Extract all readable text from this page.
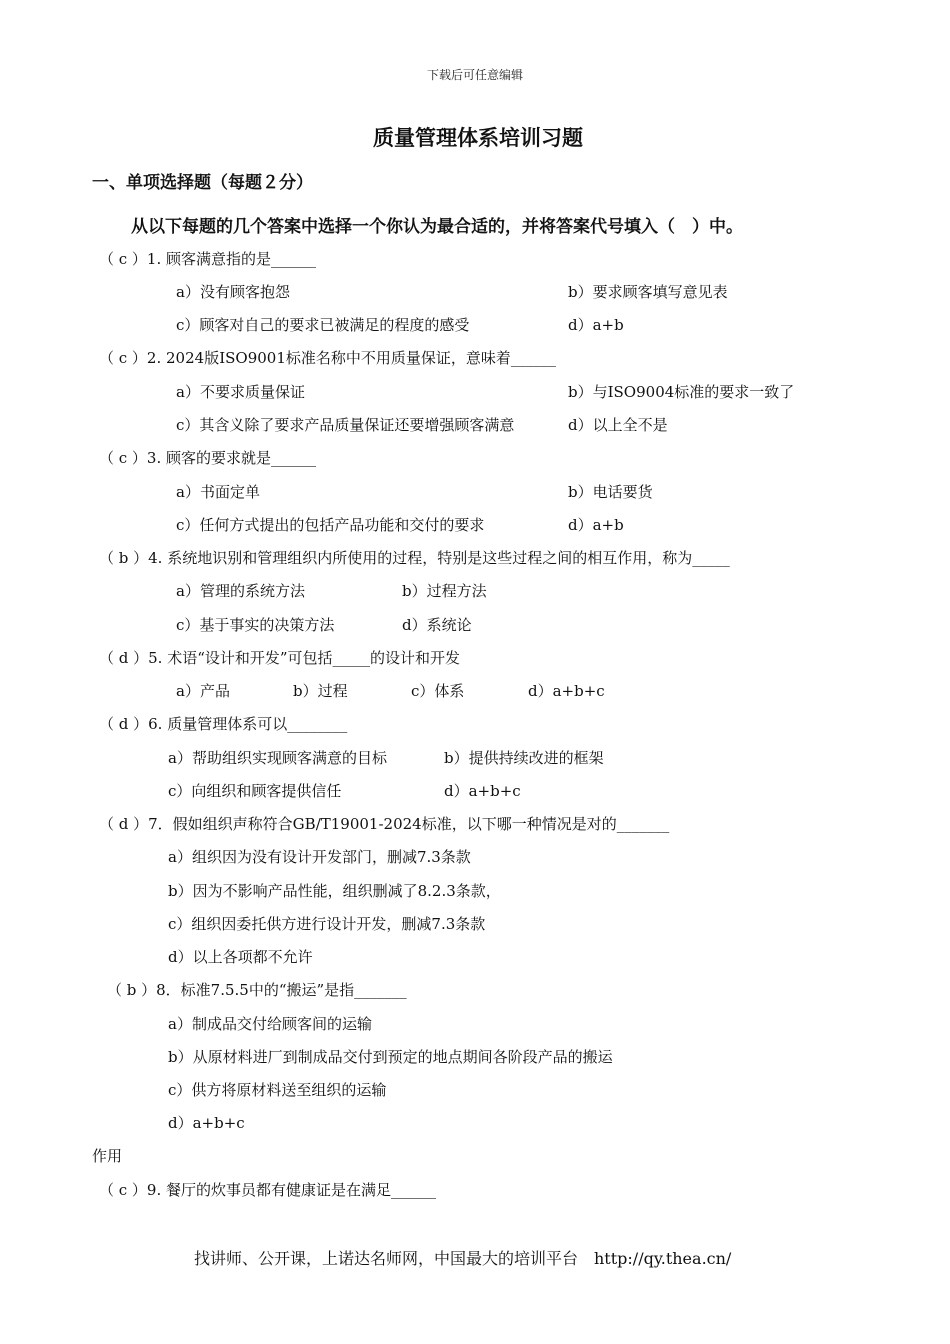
下载后可任意编辑
质量管理体系培训习题
一、单项选择题（每题２分）
从以下每题的几个答案中选择一个你认为最合适的，并将答案代号填入（　）中。
（ c ）1. 顾客满意指的是______
a）没有顾客抱怨	b）要求顾客填写意见表
c）顾客对自己的要求已被满足的程度的感受	d）a+b
（ c ）2. 2024版ISO9001标准名称中不用质量保证，意味着______
a）不要求质量保证	b）与ISO9004标准的要求一致了
c）其含义除了要求产品质量保证还要增强顾客满意	d）以上全不是
（ c ）3. 顾客的要求就是______
a）书面定单	b）电话要货
c）任何方式提出的包括产品功能和交付的要求	d）a+b
（ b ）4. 系统地识别和管理组织内所使用的过程，特别是这些过程之间的相互作用，称为_____
a）管理的系统方法	b）过程方法
c）基于事实的决策方法	d）系统论
（ d ）5. 术语“设计和开发”可包括_____的设计和开发
a）产品	b）过程	c）体系	d）a+b+c
（ d ）6. 质量管理体系可以________
a）帮助组织实现顾客满意的目标	b）提供持续改进的框架
c）向组织和顾客提供信任	d）a+b+c
（ d ）7．假如组织声称符合GB/T19001-2024标准，以下哪一种情况是对的_______
a）组织因为没有设计开发部门，删减7.3条款
b）因为不影响产品性能，组织删减了8.2.3条款，
c）组织因委托供方进行设计开发，删减7.3条款
d）以上各项都不允许
（ b ）8．标准7.5.5中的“搬运”是指_______
a）制成品交付给顾客间的运输
b）从原材料进厂到制成品交付到预定的地点期间各阶段产品的搬运
c）供方将原材料送至组织的运输
d）a+b+c
作用
（ c ）9. 餐厅的炊事员都有健康证是在满足______
找讲师、公开课，上诺达名师网，中国最大的培训平台　http://qy.thea.cn/
